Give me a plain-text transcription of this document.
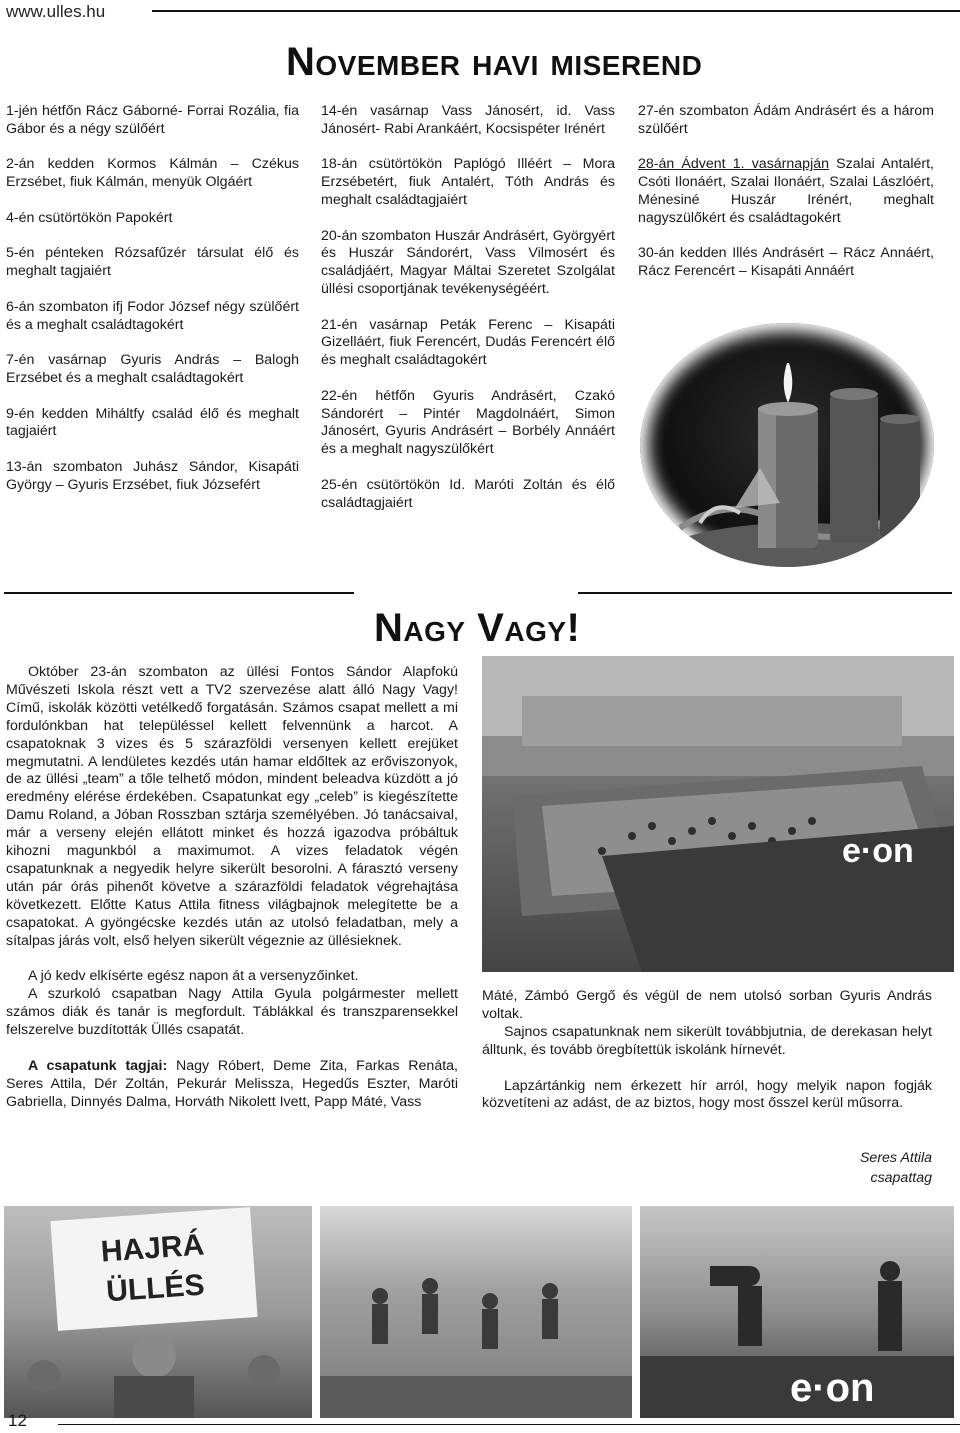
www.ulles.hu
November havi miserend

1-jén hétfőn Rácz Gáborné- Forrai Rozália, fia Gábor és a négy szülőért

2-án kedden Kormos Kálmán – Czékus Erzsébet, fiuk Kálmán, menyük Olgáért

4-én csütörtökön Papokért

5-én pénteken Rózsafűzér társulat élő és meghalt tagjaiért

6-án szombaton ifj Fodor József négy szülőért és a meghalt családtagokért

7-én vasárnap Gyuris András – Balogh Erzsébet és a meghalt családtagokért

9-én kedden Miháltfy család élő és meghalt tagjaiért

13-án szombaton Juhász Sándor, Kisapáti György – Gyuris Erzsébet, fiuk Józsefért

14-én vasárnap Vass Jánosért, id. Vass Jánosért- Rabi Arankáért, Kocsispéter Irénért

18-án csütörtökön Paplógó Illéért – Mora Erzsébetért, fiuk Antalért, Tóth András és meghalt családtagjaiért

20-án szombaton Huszár Andrásért, Györgyért és Huszár Sándorért, Vass Vilmosért és családjáért, Magyar Máltai Szeretet Szolgálat üllési csoportjának tevékenységéért.

21-én vasárnap Peták Ferenc – Kisapáti Gizelláért, fiuk Ferencért, Dudás Ferencért élő és meghalt családtagokért

22-én hétfőn Gyuris Andrásért, Czakó Sándorért – Pintér Magdolnáért, Simon Jánosért, Gyuris Andrásért – Borbély Annáért és a meghalt nagyszülőkért

25-én csütörtökön Id. Maróti Zoltán és élő családtagjaiért

27-én szombaton Ádám Andrásért és a három szülőért

28-án Ádvent 1. vasárnapján Szalai Antalért, Csóti Ilonáért, Szalai Ilonáért, Szalai Lászlóért, Ménesiné Huszár Irénért, meghalt nagyszülőkért és családtagokért

30-án kedden Illés Andrásért – Rácz Annáért, Rácz Ferencért – Kisapáti Annáért

Nagy Vagy!

Október 23-án szombaton az üllési Fontos Sándor Alapfokú Művészeti Iskola részt vett a TV2 szervezése alatt álló Nagy Vagy! Című, iskolák közötti vetélkedő forgatásán. Számos csapat mellett a mi fordulónkban hat településsel kellett felvennünk a harcot. A csapatoknak 3 vizes és 5 szárazföldi versenyen kellett erejüket megmutatni. A lendületes kezdés után hamar eldőltek az erőviszonyok, de az üllési „team” a tőle telhető módon, mindent beleadva küzdött a jó eredmény elérése érdekében. Csapatunkat egy „celeb” is kiegészítette Damu Roland, a Jóban Rosszban sztárja személyében. Jó tanácsaival, már a verseny elején ellátott minket és hozzá igazodva próbáltuk kihozni magunkból a maximumot. A vizes feladatok végén csapatunknak a negyedik helyre sikerült besorolni. A fárasztó verseny után pár órás pihenőt követve a szárazföldi feladatok végrehajtása következett. Előtte Katus Attila fitness világbajnok melegítette be a csapatokat. A gyöngécske kezdés után az utolsó feladatban, mely a sítalpas járás volt, első helyen sikerült végeznie az üllésieknek.

A jó kedv elkísérte egész napon át a versenyzőinket.

A szurkoló csapatban Nagy Attila Gyula polgármester mellett számos diák és tanár is megfordult. Táblákkal és transzparensekkel felszerelve buzdították Üllés csapatát.

A csapatunk tagjai: Nagy Róbert, Deme Zita, Farkas Renáta, Seres Attila, Dér Zoltán, Pekurár Melissza, Hegedűs Eszter, Maróti Gabriella, Dinnyés Dalma, Horváth Nikolett Ivett, Papp Máté, Vass

e·on

Máté, Zámbó Gergő és végül de nem utolsó sorban Gyuris András voltak.

Sajnos csapatunknak nem sikerült továbbjutnia, de derekasan helyt álltunk, és tovább öregbítettük iskolánk hírnevét.

Lapzártánkig nem érkezett hír arról, hogy melyik napon fogják közvetíteni az adást, de az biztos, hogy most ősszel kerül műsorra.

Seres Attila
csapattag
HAJRÁ ÜLLÉS
e·on
12
